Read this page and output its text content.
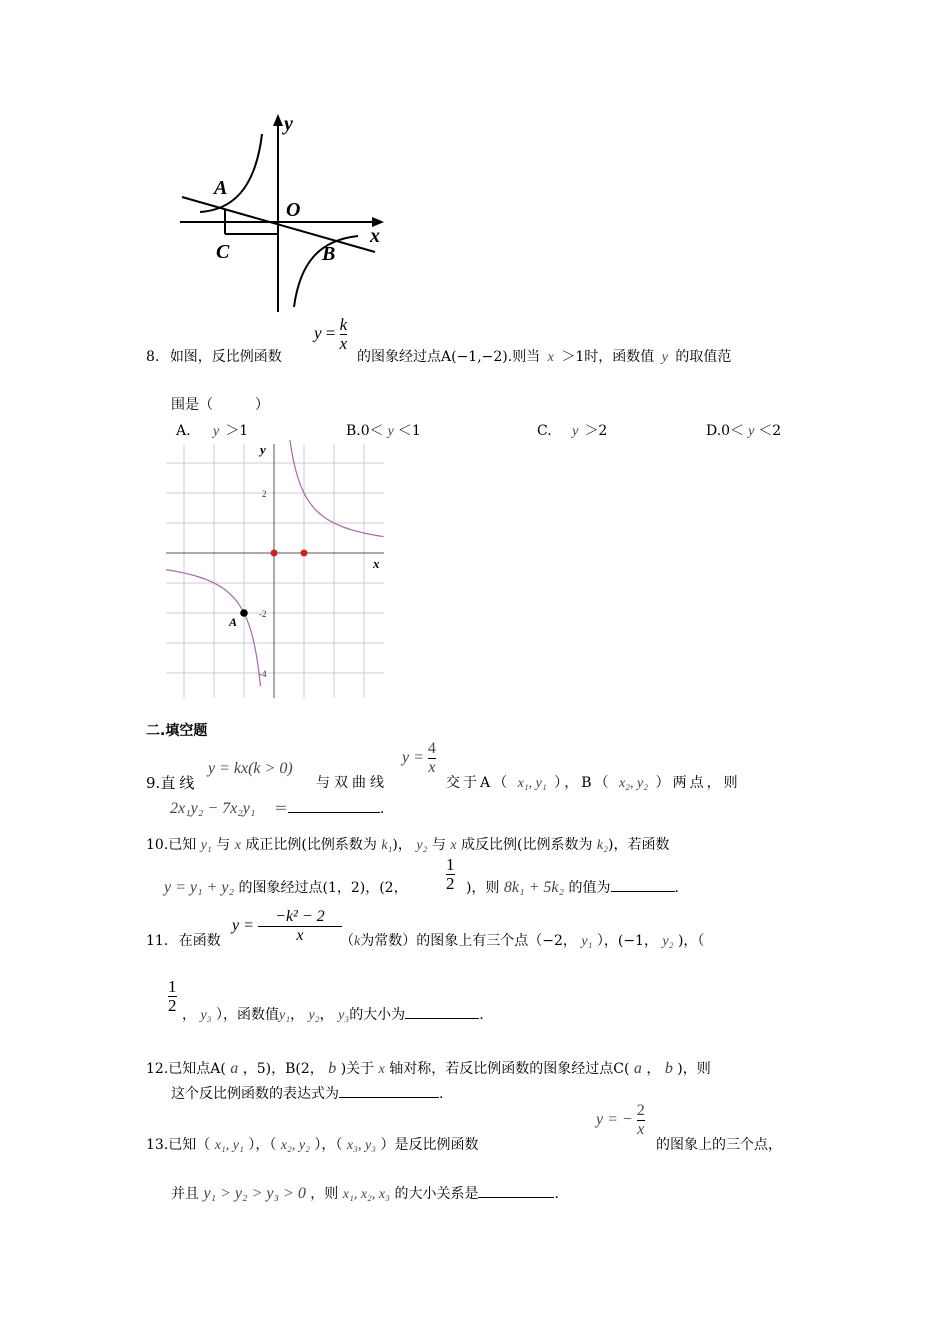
y
x
O
A
B
C
8. 如图，反比例函数
$y = \frac{k}{x}$
的图象经过点A(−1,−2).则当 x ＞1时，函数值 y 的取值范
围是（　　　）
A. y ＞1	B.0＜ y ＜1	C. y ＞2	D.0＜ y ＜2
y
x
2
-2
-4
A
二.填空题
9.直线
y = kx(k > 0)
与双曲线
$y = \frac{4}{x}$
交于A（ x₁, y₁ ），B（ x₂, y₂ ）两点，则
2x₁y₂ − 7x₂y₁ ＝	.
10.已知 y₁ 与 x 成正比例(比例系数为 k₁)， y₂ 与 x 成反比例(比例系数为 k₂)，若函数
y = y₁ + y₂ 的图象经过点(1，2)，(2， $\frac{1}{2}$ )，则 8k₁ + 5k₂ 的值为	.
11. 在函数
$y = \frac{\text{−k² − 2}}{x}$
（k为常数）的图象上有三个点（−2， y₁ ），(−1， y₂ )，（
$\frac{1}{2}$ ， y₃ ），函数值y₁， y₂， y₃的大小为	.
12.已知点A( a ，5)，B(2， b )关于 x 轴对称，若反比例函数的图象经过点C( a ， b )，则
这个反比例函数的表达式为	.
13.已知（ x₁, y₁ ），（ x₂, y₂ ），（ x₃, y₃ ）是反比例函数
y = − $\frac{2}{x}$
的图象上的三个点，
并且 y₁ > y₂ > y₃ > 0 ，则 x₁, x₂, x₃ 的大小关系是	.
